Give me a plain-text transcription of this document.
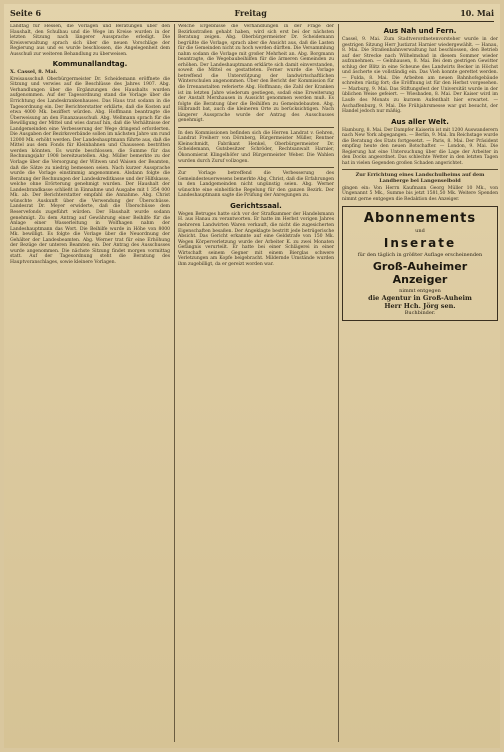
Seite 6	Freitag	10. Mai

Landtag für Hessen, die Vorlagen und Beratungen über den Haushalt, den Schulbau und die Wege im Kreise wurden in der letzten Sitzung nach längerer Aussprache erledigt. Die Kreisverwaltung sprach sich über die neuen Vorschläge der Regierung aus und es wurde beschlossen, die Angelegenheit dem Ausschuß zur weiteren Behandlung zu überweisen.

Kommunallandtag.
X. Cassel, 8. Mai.

Kreisausschuß Oberbürgermeister Dr. Scheidemann eröffnete die Sitzung und verwies auf die Beschlüsse des Jahres 1907. Abg. Verhandlungen über die Ergänzungen des Haushalts wurden aufgenommen. Auf der Tagesordnung stand die Vorlage über die Errichtung des Landeskrankenhauses. Das Haus trat sodann in die Tagesordnung ein. Der Berichterstatter erklärte, daß die Kosten auf etwa 4000 Mk. beziffert würden. Abg. Hoffmann beantragte die Überweisung an den Finanzausschuß. Abg. Wellmann sprach für die Bewilligung der Mittel und wies darauf hin, daß die Verhältnisse der Landgemeinden eine Verbesserung der Wege dringend erforderten. Die Ausgaben der Bezirksverbände sollen im nächsten Jahre um rund 12000 Mk. erhöht werden. Der Landeshauptmann führte aus, daß die Mittel aus dem Fonds für Kleinbahnen und Chausseen bestritten werden könnten. Es wurde beschlossen, die Summe für das Rechnungsjahr 1908 bereitzustellen. Abg. Müller bemerkte zu der Vorlage über die Versorgung der Witwen und Waisen der Beamten, daß die Sätze zu niedrig bemessen seien. Nach kurzer Aussprache wurde die Vorlage einstimmig angenommen. Alsdann folgte die Beratung der Rechnungen der Landeskreditkasse und der Hilfskasse, welche ohne Erörterung genehmigt wurden. Der Haushalt der Landesbrandkasse schließt in Einnahme und Ausgabe mit 1 354 000 Mk. ab. Der Berichterstatter empfahl die Annahme. Abg. Christ wünschte Auskunft über die Verwendung der Überschüsse. Landesrat Dr. Meyer erwiderte, daß die Überschüsse dem Reservefonds zugeführt würden. Der Haushalt wurde sodann genehmigt. Zu dem Antrag auf Gewährung einer Beihilfe für die Anlage einer Wasserleitung in Wolfhagen nahm der Landeshauptmann das Wort. Die Beihilfe wurde in Höhe von 8000 Mk. bewilligt. Es folgte die Vorlage über die Neuordnung der Gehälter der Landesbeamten. Abg. Werner trat für eine Erhöhung der Bezüge der unteren Beamten ein. Der Antrag des Ausschusses wurde angenommen. Die nächste Sitzung findet morgen vormittag statt. Auf der Tagesordnung steht die Beratung des Hauptvoranschlages, sowie kleinere Vorlagen.

Welche Ergebnisse die Verhandlungen in der Frage der Bezirksstraßen gehabt haben, wird sich erst bei der nächsten Beratung zeigen. Abg. Oberbürgermeister Dr. Scheidemann begrüßte die Vorlage, sprach aber die Ansicht aus, daß die Lasten für die Gemeinden nicht zu hoch werden dürften. Die Versammlung nahm sodann die Vorlage mit großer Mehrheit an. Abg. Borgmann beantragte, die Wegebaubeihilfen für die ärmeren Gemeinden zu erhöhen. Der Landeshauptmann erklärte sich damit einverstanden, soweit die Mittel es gestatteten. Ferner wurde die Vorlage betreffend die Unterstützung der landwirtschaftlichen Winterschulen angenommen. Über den Bericht der Kommission für die Irrenanstalten referierte Abg. Hoffmann; die Zahl der Kranken ist im letzten Jahre wiederum gestiegen, sodaß eine Erweiterung der Anstalt Merxhausen in Aussicht genommen werden muß. Es folgte die Beratung über die Beihilfen zu Gemeindebauten. Abg. Hilbrandt bat, auch die kleineren Orte zu berücksichtigen. Nach längerer Aussprache wurde der Antrag des Ausschusses genehmigt.

In den Kommissionen befinden sich die Herren Landrat v. Gehren, Landrat Freiherr von Dörnberg, Bürgermeister Müller, Rentner Kleinschmidt, Fabrikant Henkel, Oberbürgermeister Dr. Scheidemann, Gutsbesitzer Schröder, Rechtsanwalt Harnier, Ökonomierat Klingelhöfer und Bürgermeister Weber. Die Wahlen wurden durch Zuruf vollzogen.

Zur Vorlage betreffend die Verbesserung des Gemeindesteuerwesens bemerkte Abg. Christ, daß die Erfahrungen in den Landgemeinden nicht ungünstig seien. Abg. Werner wünschte eine einheitliche Regelung für den ganzen Bezirk. Der Landeshauptmann sagte die Prüfung der Anregungen zu.

Gerichtssaal.

Wegen Betruges hatte sich vor der Strafkammer der Handelsmann H. aus Hanau zu verantworten. Er hatte im Herbst vorigen Jahres mehreren Landwirten Waren verkauft, die nicht die zugesicherten Eigenschaften besaßen. Der Angeklagte bestritt jede betrügerische Absicht. Das Gericht erkannte auf eine Geldstrafe von 150 Mk. Wegen Körperverletzung wurde der Arbeiter K. zu zwei Monaten Gefängnis verurteilt. Er hatte bei einer Schlägerei in einer Wirtschaft seinem Gegner mit einem Bierglas schwere Verletzungen am Kopfe beigebracht. Mildernde Umstände wurden ihm zugebilligt, da er gereizt worden war.

Aus Nah und Fern.

Cassel, 9. Mai. Zum Stadtverordnetenvorsteher wurde in der gestrigen Sitzung Herr Justizrat Harnier wiedergewählt. — Hanau, 8. Mai. Die Straßenbahnverwaltung hat beschlossen, den Betrieb auf der Strecke nach Wilhelmsbad in diesem Sommer wieder aufzunehmen. — Gelnhausen, 8. Mai. Bei dem gestrigen Gewitter schlug der Blitz in eine Scheune des Landwirts Becker in Höchst und äscherte sie vollständig ein. Das Vieh konnte gerettet werden. — Fulda, 8. Mai. Die Arbeiten am neuen Bahnhofsgebäude schreiten rüstig fort; die Eröffnung ist für den Herbst vorgesehen. — Marburg, 9. Mai. Das Stiftungsfest der Universität wurde in der üblichen Weise gefeiert. — Wiesbaden, 8. Mai. Der Kaiser wird im Laufe des Monats zu kurzem Aufenthalt hier erwartet. — Aschaffenburg, 9. Mai. Die Frühjahrsmesse war gut besucht, der Handel jedoch nur mäßig.

Aus aller Welt.

Hamburg, 8. Mai. Der Dampfer Kaiserin ist mit 1200 Auswanderern nach New York abgegangen. — Berlin, 9. Mai. Im Reichstage wurde die Beratung des Etats fortgesetzt. — Paris, 8. Mai. Der Präsident empfing heute den neuen Botschafter. — London, 9. Mai. Die Regierung hat eine Untersuchung über die Lage der Arbeiter in den Docks angeordnet. Das schlechte Wetter in den letzten Tagen hat in vielen Gegenden großen Schaden angerichtet.

Zur Errichtung eines Landschulheims auf dem Landberge bei Langenselbold

gingen ein: Von Herrn Kaufmann Georg Müller 10 Mk., von Ungenannt 5 Mk., Summe bis jetzt 1581,50 Mk. Weitere Spenden nimmt gerne entgegen die Redaktion des Anzeiger.

Abonnements
und
Inserate
für den täglich in größter Auflage erscheinenden
Groß-Auheimer Anzeiger
nimmt entgegen
die Agentur in Groß-Auheim
Herr Hch. Jörg sen.
Buchbinder.
